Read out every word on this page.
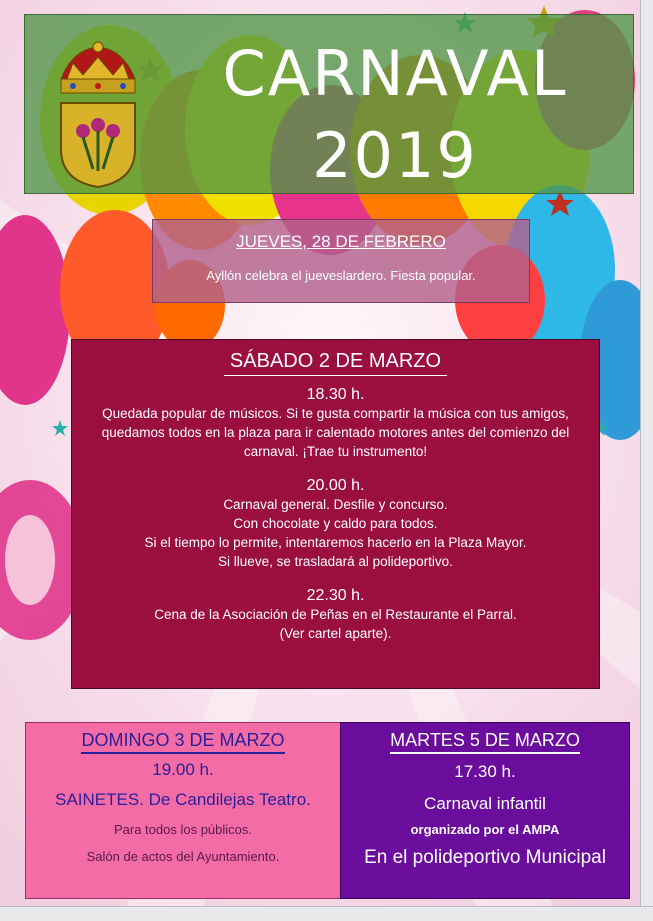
CARNAVAL
2019
JUEVES, 28 DE FEBRERO
Ayllón celebra el jueveslardero. Fiesta popular.
SÁBADO 2 DE MARZO
18.30 h.
Quedada popular de músicos. Si te gusta compartir la música con tus amigos, quedamos todos en la plaza para ir calentado motores antes del comienzo del carnaval. ¡Trae tu instrumento!
20.00 h.
Carnaval general. Desfile y concurso.
Con chocolate y caldo para todos.
Si el tiempo lo permite, intentaremos hacerlo en la Plaza Mayor.
Si llueve, se trasladará al polideportivo.
22.30 h.
Cena de la Asociación de Peñas en el Restaurante el Parral.
(Ver cartel aparte).
DOMINGO 3 DE MARZO
19.00 h.
SAINETES. De Candilejas Teatro.
Para todos los públicos.
Salón de actos del Ayuntamiento.
MARTES 5 DE MARZO
17.30 h.
Carnaval infantil
organizado por el AMPA
En el polideportivo Municipal
